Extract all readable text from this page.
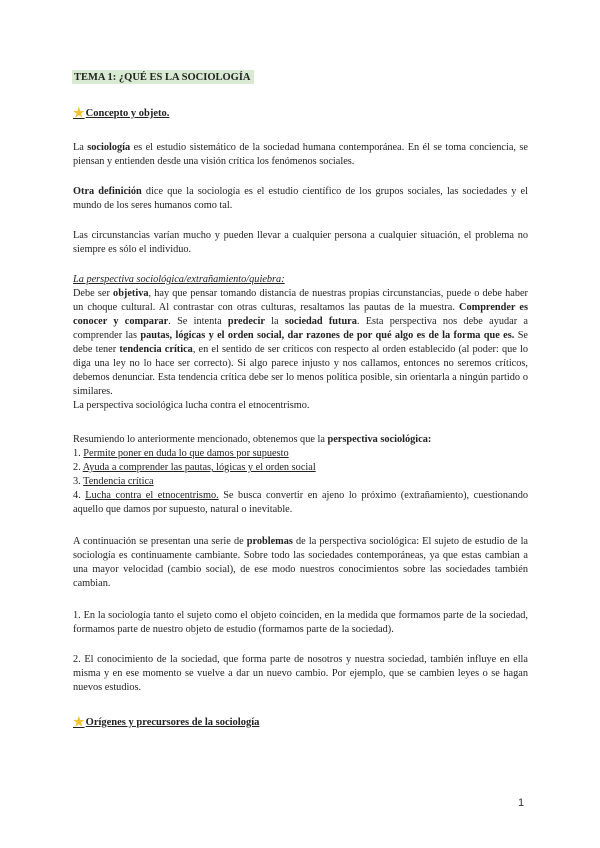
TEMA 1: ¿QUÉ ES LA SOCIOLOGÍA
★ Concepto y objeto.

La sociología es el estudio sistemático de la sociedad humana contemporánea. En él se toma conciencia, se piensan y entienden desde una visión crítica los fenómenos sociales.

Otra definición dice que la sociología es el estudio científico de los grupos sociales, las sociedades y el mundo de los seres humanos como tal.

Las circunstancias varían mucho y pueden llevar a cualquier persona a cualquier situación, el problema no siempre es sólo el individuo.

La perspectiva sociológica/extrañamiento/quiebra:

Debe ser objetiva, hay que pensar tomando distancia de nuestras propias circunstancias, puede o debe haber un choque cultural. Al contrastar con otras culturas, resaltamos las pautas de la muestra. Comprender es conocer y comparar. Se intenta predecir la sociedad futura. Esta perspectiva nos debe ayudar a comprender las pautas, lógicas y el orden social, dar razones de por qué algo es de la forma que es. Se debe tener tendencia crítica, en el sentido de ser críticos con respecto al orden establecido (al poder: que lo diga una ley no lo hace ser correcto). Si algo parece injusto y nos callamos, entonces no seremos críticos, debemos denunciar. Esta tendencia crítica debe ser lo menos política posible, sin orientarla a ningún partido o similares.
La perspectiva sociológica lucha contra el etnocentrismo.

Resumiendo lo anteriormente mencionado, obtenemos que la perspectiva sociológica:

1. Permite poner en duda lo que damos por supuesto
2. Ayuda a comprender las pautas, lógicas y el orden social
3. Tendencia crítica
4. Lucha contra el etnocentrismo. Se busca convertir en ajeno lo próximo (extrañamiento), cuestionando aquello que damos por supuesto, natural o inevitable.

A continuación se presentan una serie de problemas de la perspectiva sociológica: El sujeto de estudio de la sociología es continuamente cambiante. Sobre todo las sociedades contemporáneas, ya que estas cambian a una mayor velocidad (cambio social), de ese modo nuestros conocimientos sobre las sociedades también cambian.

1. En la sociología tanto el sujeto como el objeto coinciden, en la medida que formamos parte de la sociedad, formamos parte de nuestro objeto de estudio (formamos parte de la sociedad).

2. El conocimiento de la sociedad, que forma parte de nosotros y nuestra sociedad, también influye en ella misma y en ese momento se vuelve a dar un nuevo cambio. Por ejemplo, que se cambien leyes o se hagan nuevos estudios.

★ Orígenes y precursores de la sociología
1
